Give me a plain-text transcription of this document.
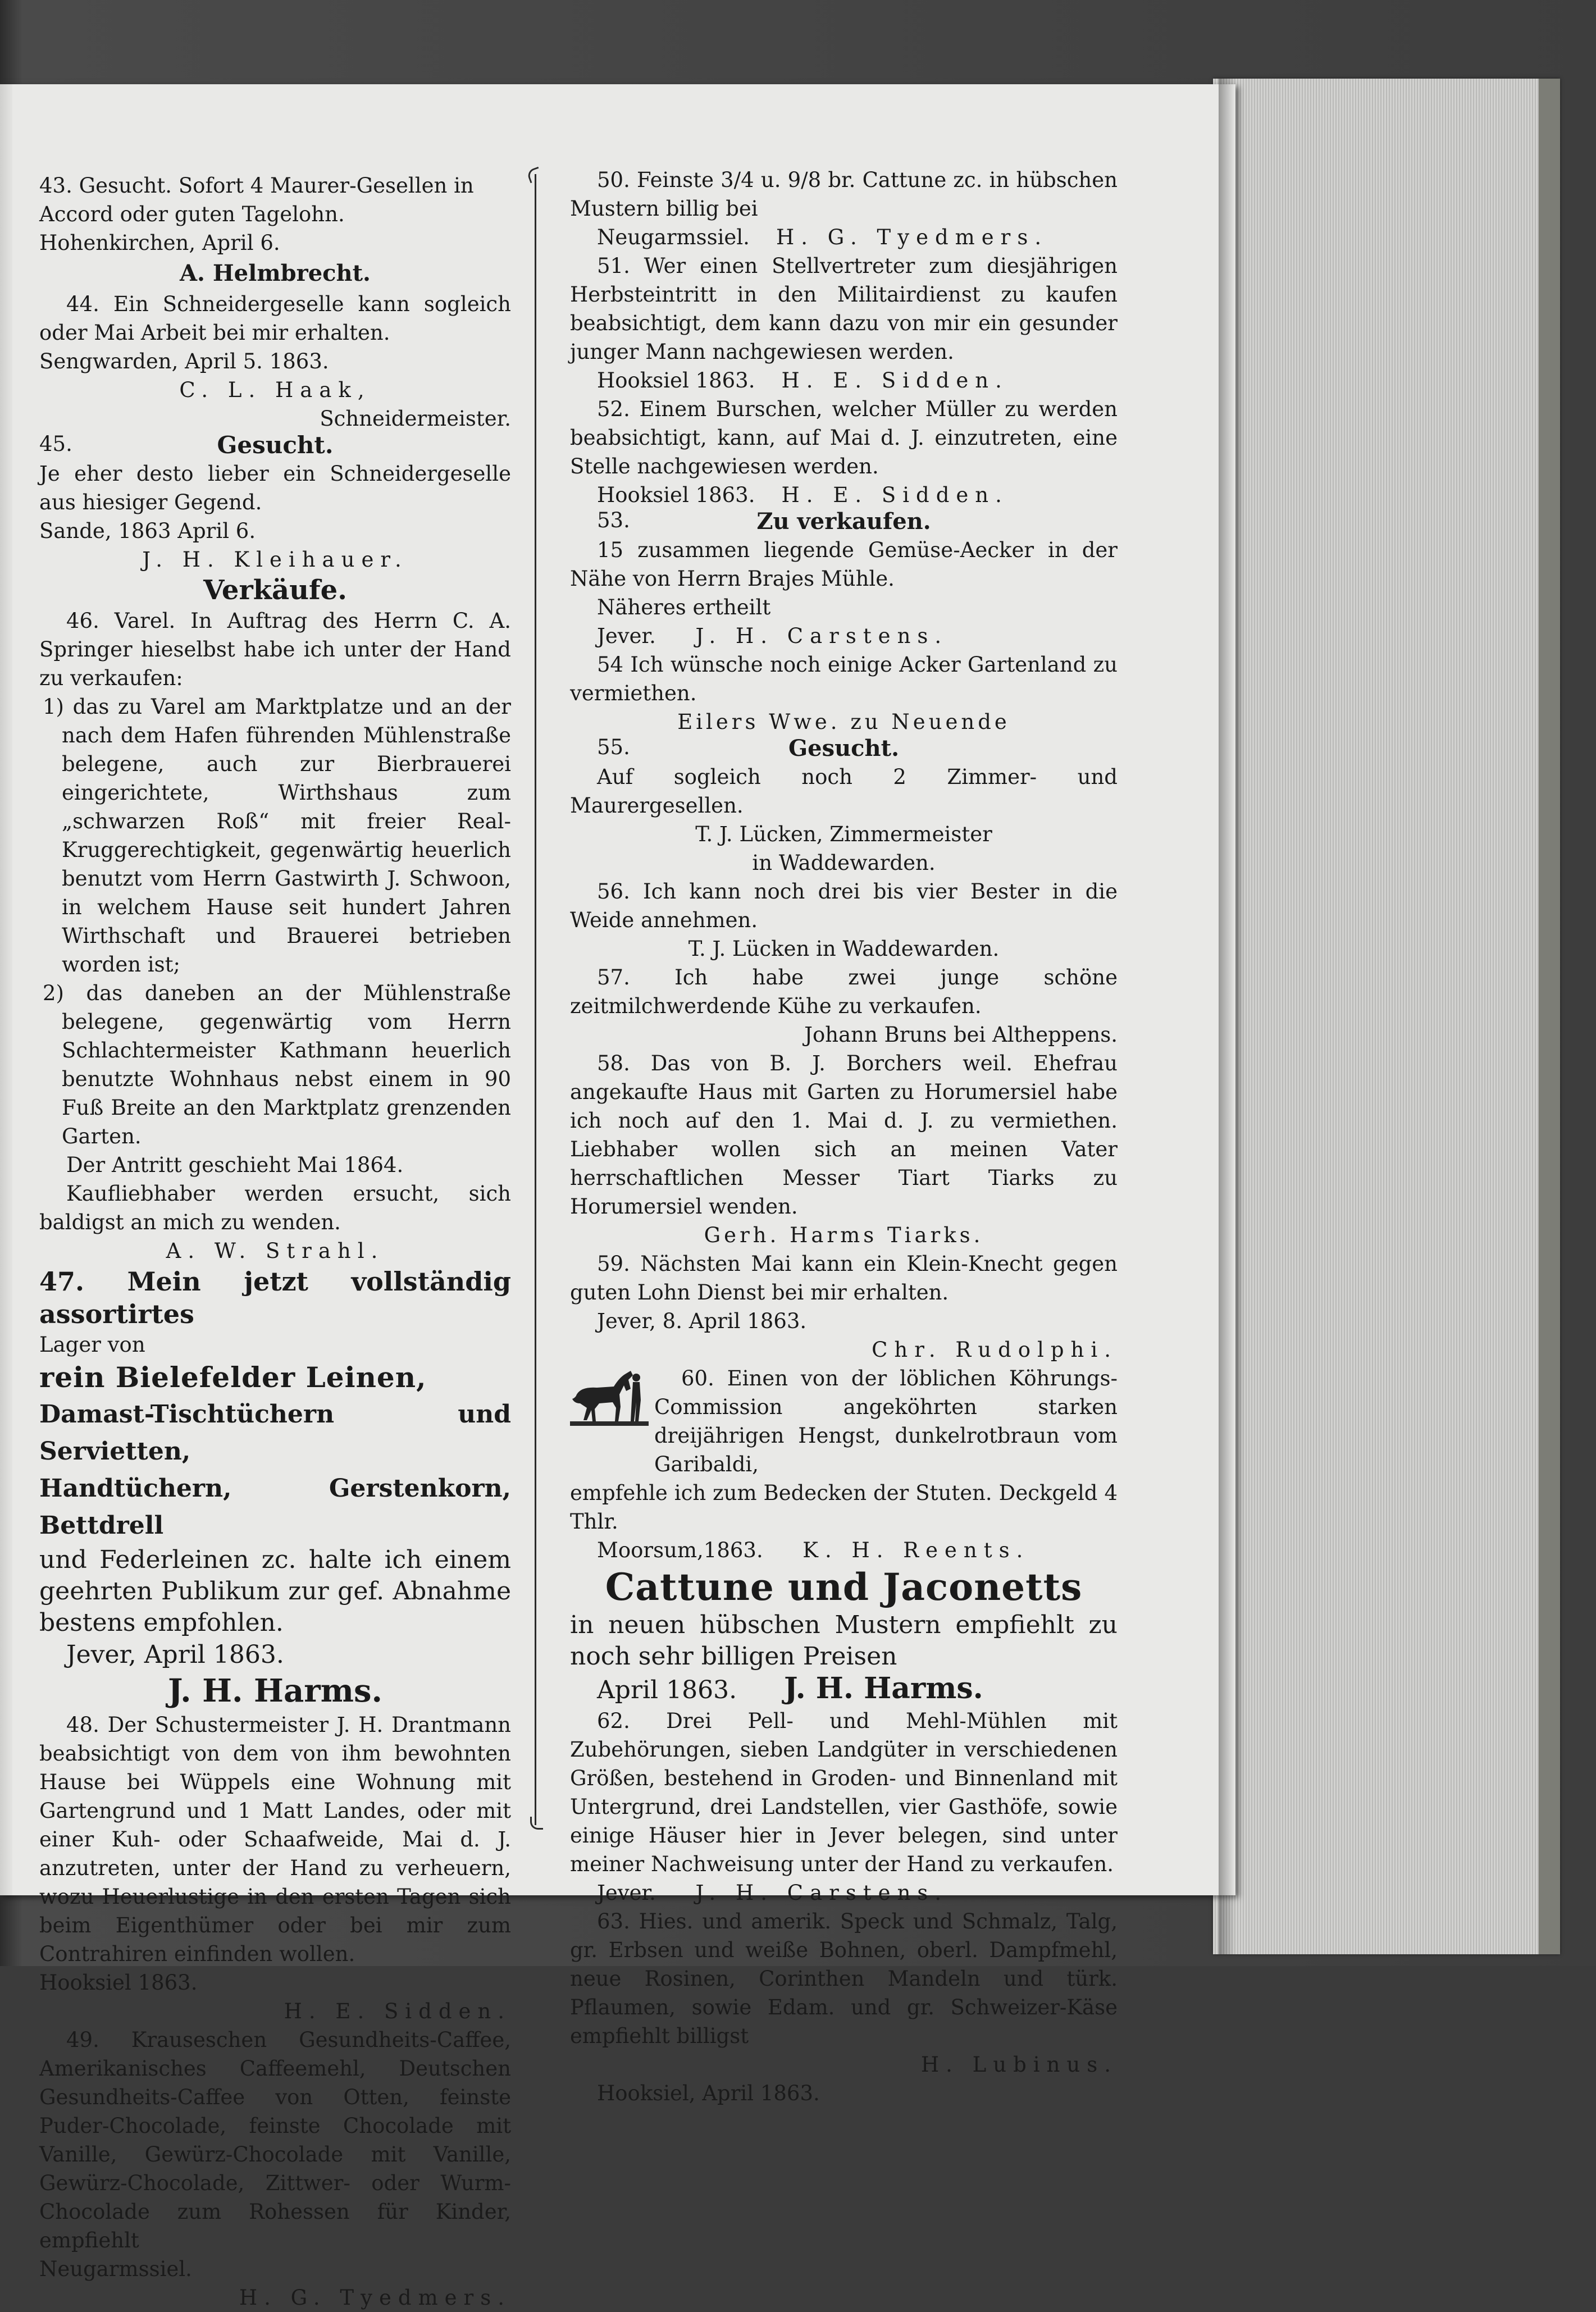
43. Gesucht. Sofort 4 Maurer-Gesellen in

Accord oder guten Tagelohn.

Hohenkirchen, April 6.

A. Helmbrecht.

44. Ein Schneidergeselle kann sogleich oder Mai Arbeit bei mir erhalten.

Sengwarden, April 5. 1863.

C. L. Haak,

Schneidermeister.

45.	Gesucht.

Je eher desto lieber ein Schneidergeselle aus hiesiger Gegend.

Sande, 1863 April 6.

J. H. Kleihauer.

Verkäufe.

46. Varel. In Auftrag des Herrn C. A. Springer hieselbst habe ich unter der Hand zu verkaufen:

1) das zu Varel am Marktplatze und an der nach dem Hafen führenden Mühlenstraße belegene, auch zur Bierbrauerei eingerichtete, Wirthshaus zum „schwarzen Roß“ mit freier Real-Kruggerechtigkeit, gegenwärtig heuerlich benutzt vom Herrn Gastwirth J. Schwoon, in welchem Hause seit hundert Jahren Wirthschaft und Brauerei betrieben worden ist;

2) das daneben an der Mühlenstraße belegene, gegenwärtig vom Herrn Schlachtermeister Kathmann heuerlich benutzte Wohnhaus nebst einem in 90 Fuß Breite an den Marktplatz grenzenden Garten.

Der Antritt geschieht Mai 1864.

Kaufliebhaber werden ersucht, sich baldigst an mich zu wenden.

A. W. Strahl.

47. Mein jetzt vollständig assortirtes

Lager von

rein Bielefelder Leinen,

Damast-Tischtüchern und Servietten,

Handtüchern, Gerstenkorn, Bettdrell

und Federleinen zc. halte ich einem geehrten Publikum zur gef. Abnahme bestens empfohlen.

Jever, April 1863.

J. H. Harms.

48. Der Schustermeister J. H. Drantmann beabsichtigt von dem von ihm bewohnten Hause bei Wüppels eine Wohnung mit Gartengrund und 1 Matt Landes, oder mit einer Kuh- oder Schaafweide, Mai d. J. anzutreten, unter der Hand zu verheuern, wozu Heuerlustige in den ersten Tagen sich beim Eigenthümer oder bei mir zum Contrahiren einfinden wollen.

Hooksiel 1863.

H. E. Sidden.

49. Krauseschen Gesundheits-Caffee, Amerikanisches Caffeemehl, Deutschen Gesundheits-Caffee von Otten, feinste Puder-Chocolade, feinste Chocolade mit Vanille, Gewürz-Chocolade mit Vanille, Gewürz-Chocolade, Zittwer- oder Wurm-Chocolade zum Rohessen für Kinder, empfiehlt

Neugarmssiel.

H. G. Tyedmers.

50. Feinste 3/4 u. 9/8 br. Cattune zc. in hübschen Mustern billig bei

Neugarmssiel. H. G. Tyedmers.

51. Wer einen Stellvertreter zum diesjährigen Herbsteintritt in den Militairdienst zu kaufen beabsichtigt, dem kann dazu von mir ein gesunder junger Mann nachgewiesen werden.

Hooksiel 1863. H. E. Sidden.

52. Einem Burschen, welcher Müller zu werden beabsichtigt, kann, auf Mai d. J. einzutreten, eine Stelle nachgewiesen werden.

Hooksiel 1863. H. E. Sidden.

53.	Zu verkaufen.

15 zusammen liegende Gemüse-Aecker in der Nähe von Herrn Brajes Mühle.

Näheres ertheilt

Jever. J. H. Carstens.

54 Ich wünsche noch einige Acker Gartenland zu vermiethen.

Eilers Wwe. zu Neuende

55.	Gesucht.

Auf sogleich noch 2 Zimmer- und Maurergesellen.

T. J. Lücken, Zimmermeister

in Waddewarden.

56. Ich kann noch drei bis vier Bester in die Weide annehmen.

T. J. Lücken in Waddewarden.

57. Ich habe zwei junge schöne zeitmilchwerdende Kühe zu verkaufen.

Johann Bruns bei Altheppens.

58. Das von B. J. Borchers weil. Ehefrau angekaufte Haus mit Garten zu Horumersiel habe ich noch auf den 1. Mai d. J. zu vermiethen. Liebhaber wollen sich an meinen Vater herrschaftlichen Messer Tiart Tiarks zu Horumersiel wenden.

Gerh. Harms Tiarks.

59. Nächsten Mai kann ein Klein-Knecht gegen guten Lohn Dienst bei mir erhalten.

Jever, 8. April 1863.

Chr. Rudolphi.

60. Einen von der löblichen Köhrungs-Commission angeköhrten starken dreijährigen Hengst, dunkelrotbraun vom Garibaldi,

empfehle ich zum Bedecken der Stuten. Deckgeld 4 Thlr.

Moorsum,1863. K. H. Reents.

Cattune und Jaconetts

in neuen hübschen Mustern empfiehlt zu noch sehr billigen Preisen

April 1863. J. H. Harms.

62. Drei Pell- und Mehl-Mühlen mit Zubehörungen, sieben Landgüter in verschiedenen Größen, bestehend in Groden- und Binnenland mit Untergrund, drei Landstellen, vier Gasthöfe, sowie einige Häuser hier in Jever belegen, sind unter meiner Nachweisung unter der Hand zu verkaufen.

Jever. J. H. Carstens.

63. Hies. und amerik. Speck und Schmalz, Talg, gr. Erbsen und weiße Bohnen, oberl. Dampfmehl, neue Rosinen, Corinthen Mandeln und türk. Pflaumen, sowie Edam. und gr. Schweizer-Käse empfiehlt billigst

H. Lubinus.

Hooksiel, April 1863.
